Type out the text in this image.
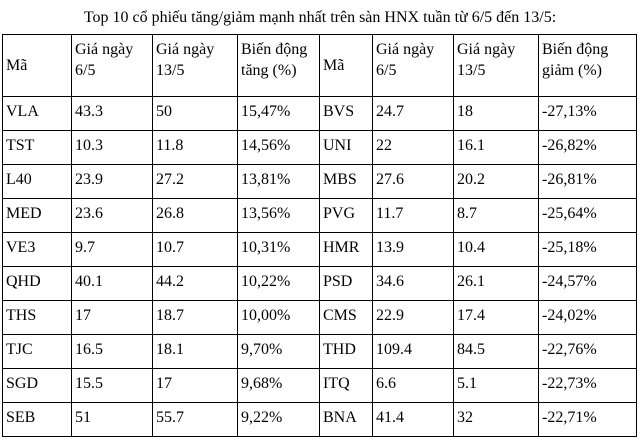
Top 10 cổ phiếu tăng/giảm mạnh nhất trên sàn HNX tuần từ 6/5 đến 13/5:
Mã	Giá ngày 6/5	Giá ngày 13/5	Biến động tăng (%)	Mã	Giá ngày 6/5	Giá ngày 13/5	Biến động giảm (%)
VLA	43.3	50	15,47%	BVS	24.7	18	-27,13%
TST	10.3	11.8	14,56%	UNI	22	16.1	-26,82%
L40	23.9	27.2	13,81%	MBS	27.6	20.2	-26,81%
MED	23.6	26.8	13,56%	PVG	11.7	8.7	-25,64%
VE3	9.7	10.7	10,31%	HMR	13.9	10.4	-25,18%
QHD	40.1	44.2	10,22%	PSD	34.6	26.1	-24,57%
THS	17	18.7	10,00%	CMS	22.9	17.4	-24,02%
TJC	16.5	18.1	9,70%	THD	109.4	84.5	-22,76%
SGD	15.5	17	9,68%	ITQ	6.6	5.1	-22,73%
SEB	51	55.7	9,22%	BNA	41.4	32	-22,71%
